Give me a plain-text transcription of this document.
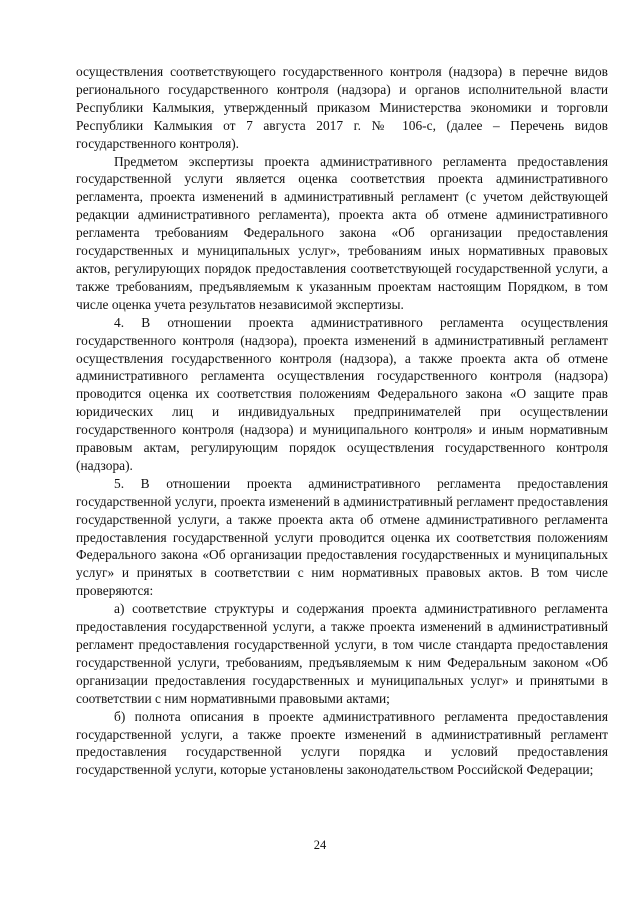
осуществления соответствующего государственного контроля (надзора) в перечне видов регионального государственного контроля (надзора) и органов исполнительной власти Республики Калмыкия, утвержденный приказом Министерства экономики и торговли Республики Калмыкия от 7 августа 2017 г. № 106-с, (далее – Перечень видов государственного контроля).

Предметом экспертизы проекта административного регламента предоставления государственной услуги является оценка соответствия проекта административного регламента, проекта изменений в административный регламент (с учетом действующей редакции административного регламента), проекта акта об отмене административного регламента требованиям Федерального закона «Об организации предоставления государственных и муниципальных услуг», требованиям иных нормативных правовых актов, регулирующих порядок предоставления соответствующей государственной услуги, а также требованиям, предъявляемым к указанным проектам настоящим Порядком, в том числе оценка учета результатов независимой экспертизы.

4. В отношении проекта административного регламента осуществления государственного контроля (надзора), проекта изменений в административный регламент осуществления государственного контроля (надзора), а также проекта акта об отмене административного регламента осуществления государственного контроля (надзора) проводится оценка их соответствия положениям Федерального закона «О защите прав юридических лиц и индивидуальных предпринимателей при осуществлении государственного контроля (надзора) и муниципального контроля» и иным нормативным правовым актам, регулирующим порядок осуществления государственного контроля (надзора).

5. В отношении проекта административного регламента предоставления государственной услуги, проекта изменений в административный регламент предоставления государственной услуги, а также проекта акта об отмене административного регламента предоставления государственной услуги проводится оценка их соответствия положениям Федерального закона «Об организации предоставления государственных и муниципальных услуг» и принятых в соответствии с ним нормативных правовых актов. В том числе проверяются:

а) соответствие структуры и содержания проекта административного регламента предоставления государственной услуги, а также проекта изменений в административный регламент предоставления государственной услуги, в том числе стандарта предоставления государственной услуги, требованиям, предъявляемым к ним Федеральным законом «Об организации предоставления государственных и муниципальных услуг» и принятыми в соответствии с ним нормативными правовыми актами;

б) полнота описания в проекте административного регламента предоставления государственной услуги, а также проекте изменений в административный регламент предоставления государственной услуги порядка и условий предоставления государственной услуги, которые установлены законодательством Российской Федерации;

24
